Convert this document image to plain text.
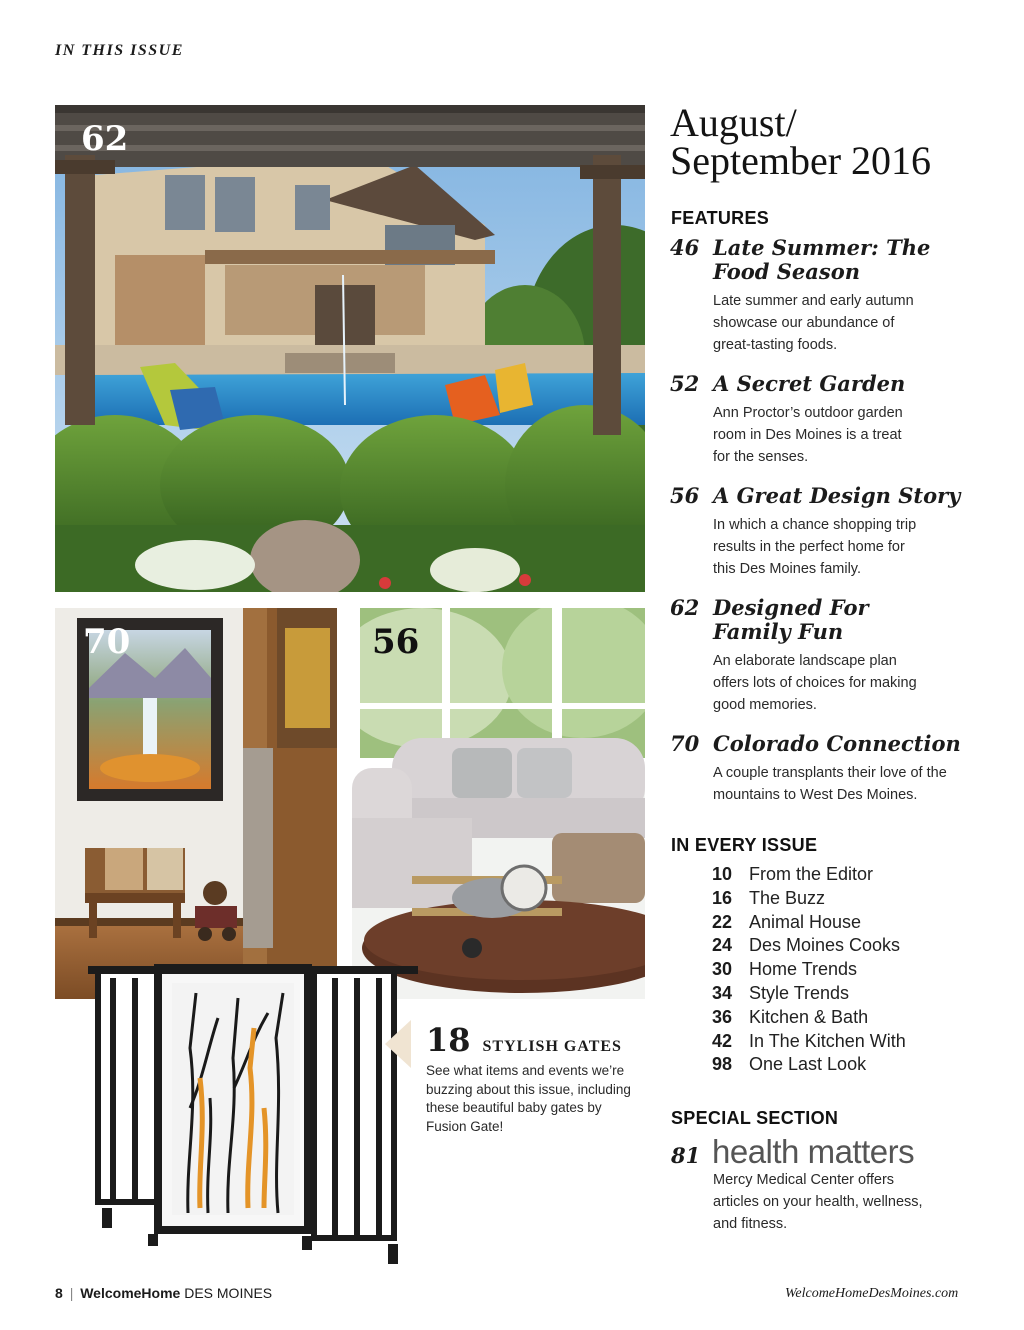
IN THIS ISSUE
62
70	56
18 STYLISH GATES
See what items and events we’re buzzing about this issue, including these beautiful baby gates by Fusion Gate!
August/
September 2016
FEATURES
46 Late Summer: The Food Season
Late summer and early autumn showcase our abundance of great-tasting foods.
52 A Secret Garden
Ann Proctor’s outdoor garden room in Des Moines is a treat for the senses.
56 A Great Design Story
In which a chance shopping trip results in the perfect home for this Des Moines family.
62 Designed For Family Fun
An elaborate landscape plan offers lots of choices for making good memories.
70 Colorado Connection
A couple transplants their love of the mountains to West Des Moines.
IN EVERY ISSUE
10 From the Editor
16 The Buzz
22 Animal House
24 Des Moines Cooks
30 Home Trends
34 Style Trends
36 Kitchen & Bath
42 In The Kitchen With
98 One Last Look
SPECIAL SECTION
81 health matters
Mercy Medical Center offers articles on your health, wellness, and fitness.
8 | WelcomeHome DES MOINES	WelcomeHomeDesMoines.com
